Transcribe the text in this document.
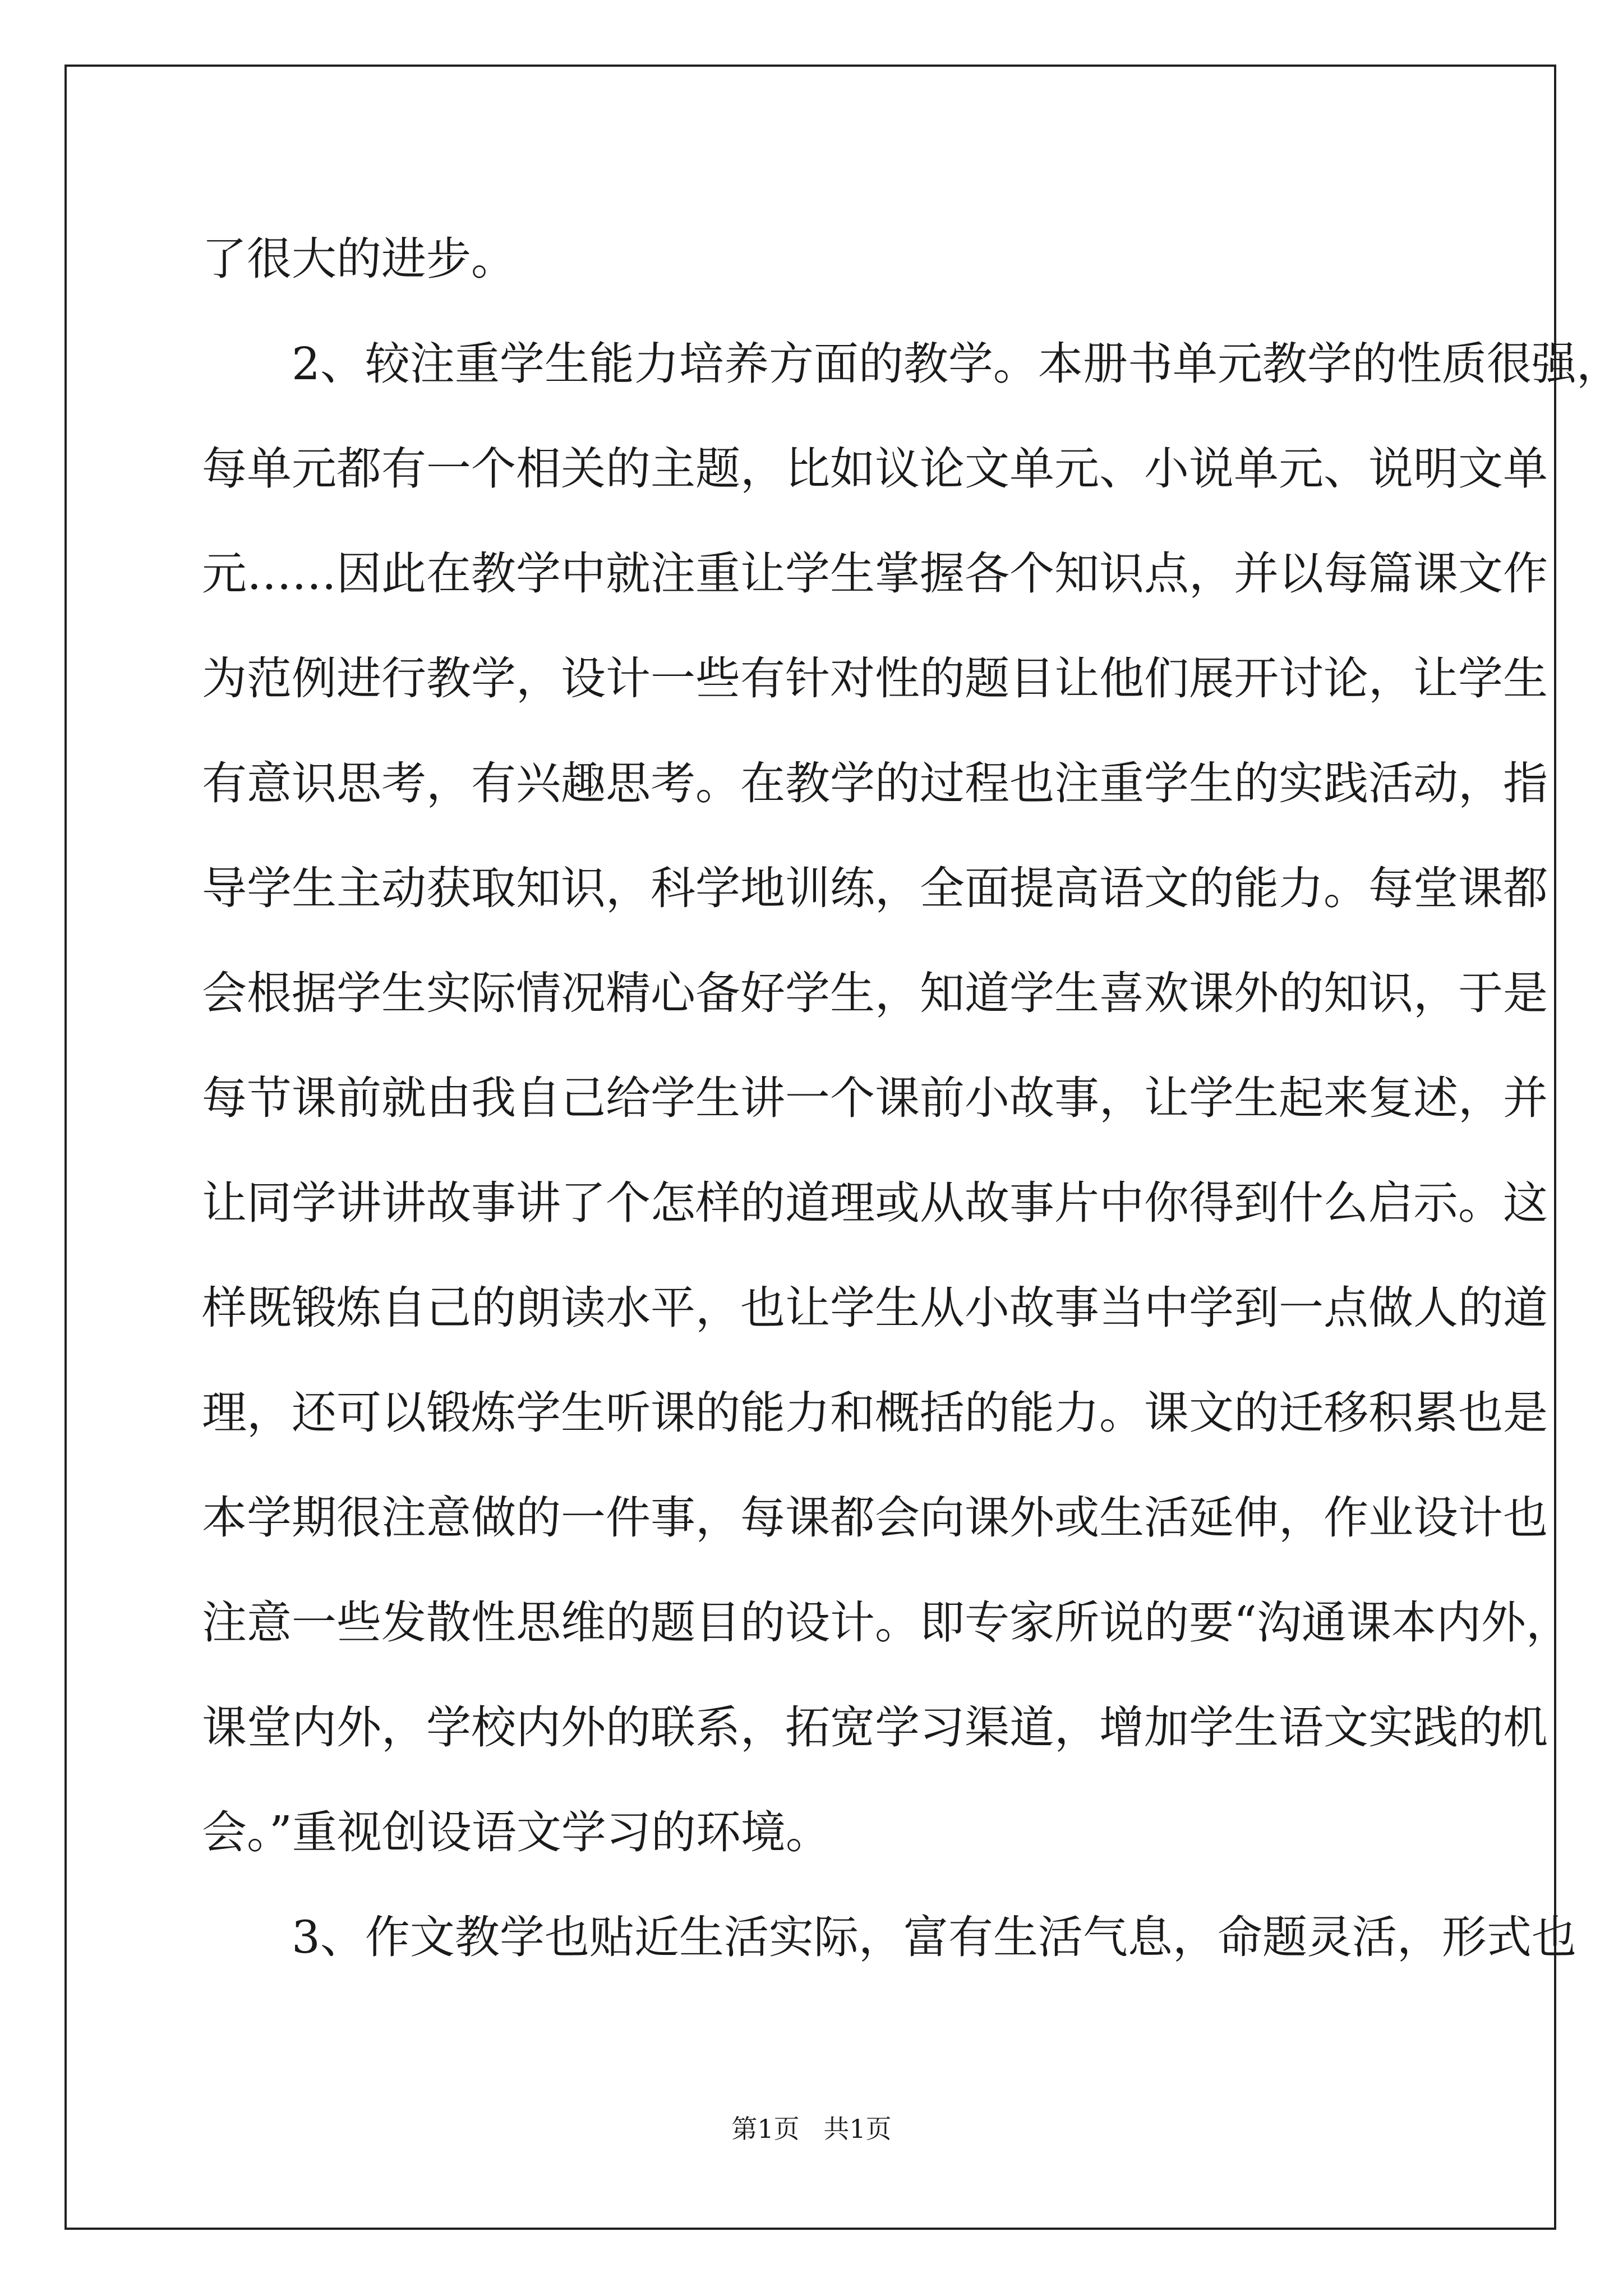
了很大的进步。
2、较注重学生能力培养方面的教学。本册书单元教学的性质很强，
每单元都有一个相关的主题，比如议论文单元、小说单元、说明文单
元……因此在教学中就注重让学生掌握各个知识点，并以每篇课文作
为范例进行教学，设计一些有针对性的题目让他们展开讨论，让学生
有意识思考，有兴趣思考。在教学的过程也注重学生的实践活动，指
导学生主动获取知识，科学地训练，全面提高语文的能力。每堂课都
会根据学生实际情况精心备好学生，知道学生喜欢课外的知识，于是
每节课前就由我自己给学生讲一个课前小故事，让学生起来复述，并
让同学讲讲故事讲了个怎样的道理或从故事片中你得到什么启示。这
样既锻炼自己的朗读水平，也让学生从小故事当中学到一点做人的道
理，还可以锻炼学生听课的能力和概括的能力。课文的迁移积累也是
本学期很注意做的一件事，每课都会向课外或生活延伸，作业设计也
注意一些发散性思维的题目的设计。即专家所说的要“沟通课本内外，
课堂内外，学校内外的联系，拓宽学习渠道，增加学生语文实践的机
会。”重视创设语文学习的环境。
3、作文教学也贴近生活实际，富有生活气息，命题灵活，形式也
第1页 共1页
